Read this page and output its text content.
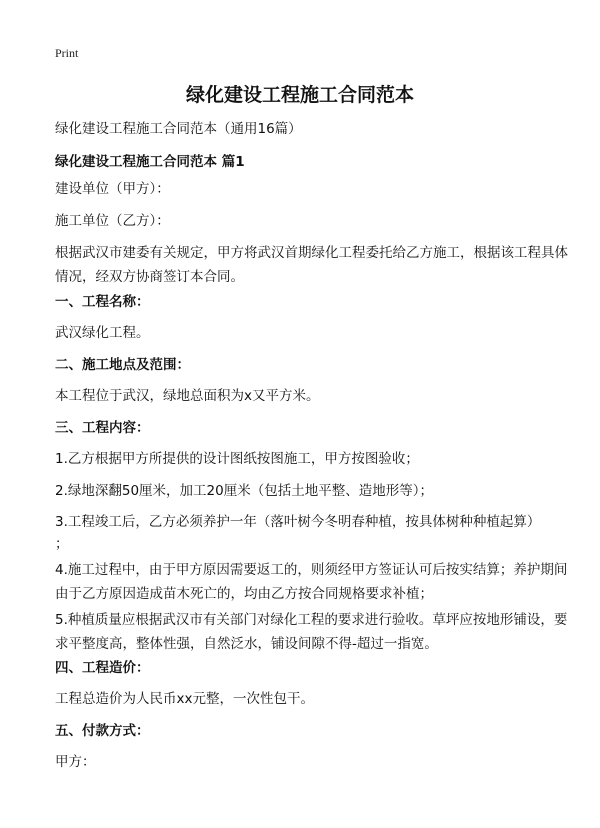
Print
绿化建设工程施工合同范本
绿化建设工程施工合同范本（通用16篇）
绿化建设工程施工合同范本 篇1
建设单位（甲方）：
施工单位（乙方）：
根据武汉市建委有关规定，甲方将武汉首期绿化工程委托给乙方施工，根据该工程具体情况，经双方协商签订本合同。
一、工程名称：
武汉绿化工程。
二、施工地点及范围：
本工程位于武汉，绿地总面积为x又平方米。
三、工程内容：
1.乙方根据甲方所提供的设计图纸按图施工，甲方按图验收；
2.绿地深翻50厘米，加工20厘米（包括土地平整、造地形等）；
3.工程竣工后，乙方必须养护一年（落叶树今冬明春种植，按具体树种种植起算）
；
4.施工过程中，由于甲方原因需要返工的，则须经甲方签证认可后按实结算；养护期间由于乙方原因造成苗木死亡的，均由乙方按合同规格要求补植；
5.种植质量应根据武汉市有关部门对绿化工程的要求进行验收。草坪应按地形铺设，要求平整度高，整体性强，自然泛水，铺设间隙不得-超过一指宽。
四、工程造价：
工程总造价为人民币xx元整，一次性包干。
五、付款方式：
甲方：
